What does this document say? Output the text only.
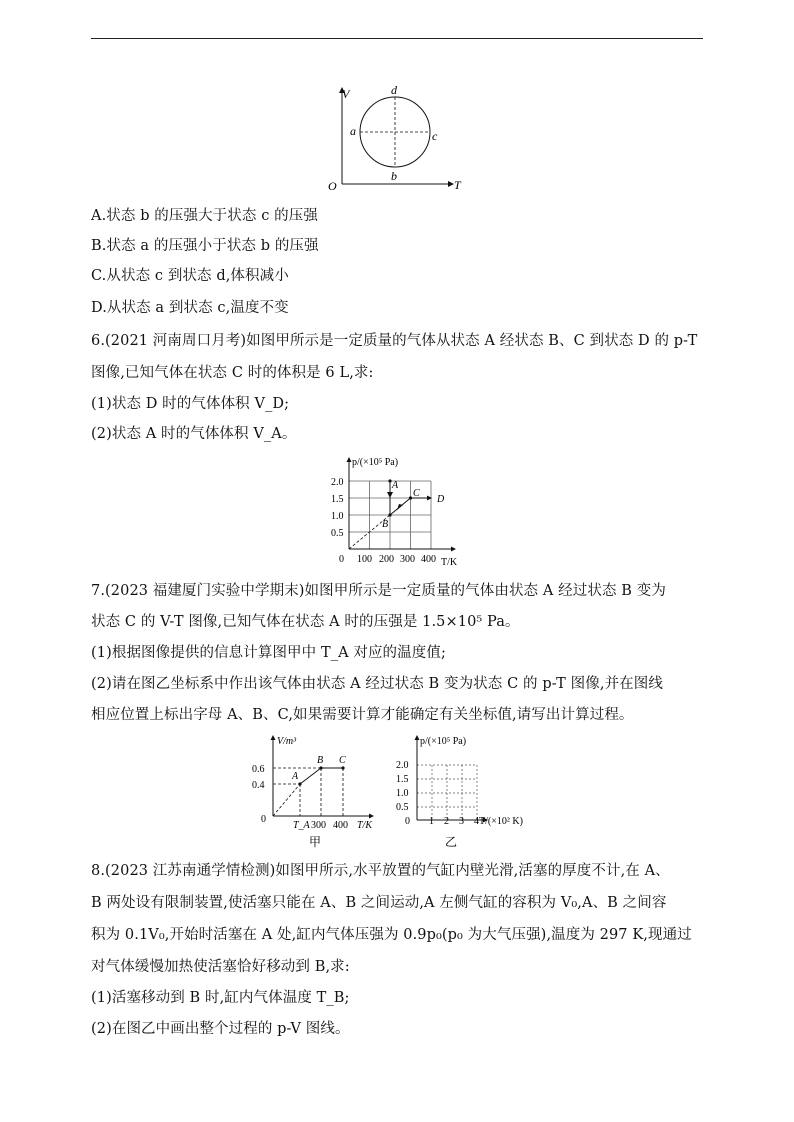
V
T
O
d
a	c
b
A.状态 b 的压强大于状态 c 的压强
B.状态 a 的压强小于状态 b 的压强
C.从状态 c 到状态 d,体积减小
D.从状态 a 到状态 c,温度不变
6.(2021 河南周口月考)如图甲所示是一定质量的气体从状态 A 经状态 B、C 到状态 D 的 p-T
图像,已知气体在状态 C 时的体积是 6 L,求:
(1)状态 D 时的气体体积 V_D;
(2)状态 A 时的气体体积 V_A。
p/(×10⁵ Pa)
T/K
0
2.0
1.5
1.0
0.5
100 200 300 400
A
B
C
D
7.(2023 福建厦门实验中学期末)如图甲所示是一定质量的气体由状态 A 经过状态 B 变为
状态 C 的 V-T 图像,已知气体在状态 A 时的压强是 1.5×10⁵ Pa。
(1)根据图像提供的信息计算图甲中 T_A 对应的温度值;
(2)请在图乙坐标系中作出该气体由状态 A 经过状态 B 变为状态 C 的 p-T 图像,并在图线
相应位置上标出字母 A、B、C,如果需要计算才能确定有关坐标值,请写出计算过程。
V/m³
T/K
0
0.6
0.4
T_A 300 400
A
B C
甲
p/(×10⁵ Pa)
T/(×10² K)
0
2.0
1.5
1.0
0.5
1 2 3 4
乙
8.(2023 江苏南通学情检测)如图甲所示,水平放置的气缸内壁光滑,活塞的厚度不计,在 A、
B 两处设有限制装置,使活塞只能在 A、B 之间运动,A 左侧气缸的容积为 V₀,A、B 之间容
积为 0.1V₀,开始时活塞在 A 处,缸内气体压强为 0.9p₀(p₀ 为大气压强),温度为 297 K,现通过
对气体缓慢加热使活塞恰好移动到 B,求:
(1)活塞移动到 B 时,缸内气体温度 T_B;
(2)在图乙中画出整个过程的 p-V 图线。
